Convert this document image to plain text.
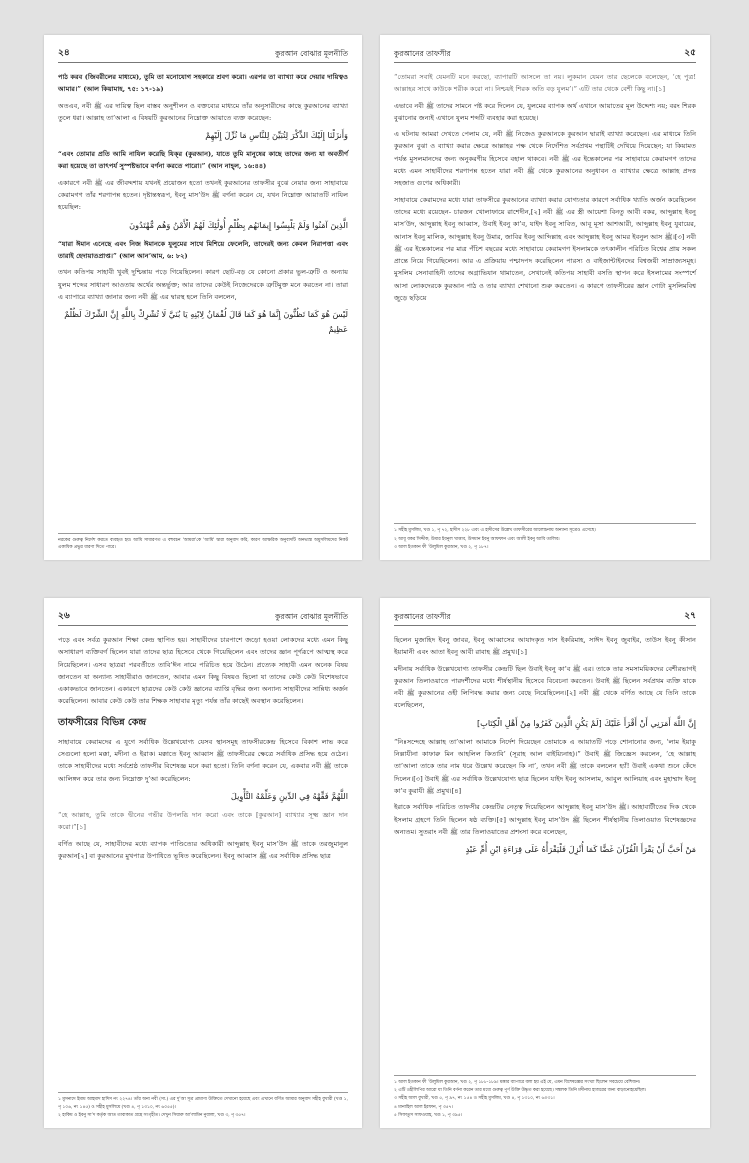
২৪	কুরআন বোঝার মূলনীতি

পাঠ করব (জিবরীলের মাধ্যমে), তুমি তা মনোযোগ সহকারে শ্রবণ করো। এরপর তা ব্যাখ্যা করে দেয়ার দায়িত্বও আমার।” (আল কিয়ামাহ, ৭৫: ১৭-১৯)

অতএব, নবী ﷺ এর দায়িত্ব ছিল বাস্তব অনুশীলন ও বক্তব্যের মাধ্যমে তাঁর অনুসারীদের কাছে কুরআনের ব্যাখ্যা তুলে ধরা। আল্লাহ তা’আলা এ বিষয়টি কুরআনের নিম্নোক্ত আয়াতে ব্যক্ত করেছেন:

وَأَنزَلْنَا إِلَيْكَ الذِّكْرَ لِتُبَيِّنَ لِلنَّاسِ مَا نُزِّلَ إِلَيْهِمْ

“এবং তোমার প্রতি আমি নাযিল করেছি যিক্‌র (কুরআন), যাতে তুমি মানুষের কাছে তাদের জন্য যা অবতীর্ণ করা হয়েছে তা তাৎপর্য সুস্পষ্টভাবে বর্ণনা করতে পারো।” (আন নাহ্‌ল, ১৬:৪৪)

একারণে নবী ﷺ এর জীবদ্দশায় যখনই প্রয়োজন হতো তখনই কুরআনের তাফসীর বুঝে নেয়ার জন্য সাহাবায়ে কেরামগণ তাঁর শরণাপন্ন হতেন। দৃষ্টান্তস্বরূপ, ইবনু মাস’উদ ﷺ বর্ণনা করেন যে, যখন নিম্নোক্ত আয়াতটি নাযিল হয়েছিল:

الَّذِينَ آمَنُوا وَلَمْ يَلْبِسُوا إِيمَانَهُم بِظُلْمٍ أُولَٰئِكَ لَهُمُ الْأَمْنُ وَهُم مُّهْتَدُونَ

“যারা ঈমান এনেছে এবং নিজ ঈমানকে যুলুমের সাথে মিশিয়ে ফেলেনি, তাদেরই জন্য কেবল নিরাপত্তা এবং তারাই হেদায়াতপ্রাপ্ত।” (আল আন’আম, ৬: ৮২)

তখন কতিপয় সাহাবী খুবই দুশ্চিন্তায় পড়ে গিয়েছিলেন। কারণ ছোট-বড় যে কোনো প্রকার ভুল-ত্রুটি ও অন্যায় যুলম শব্দের সাধারণ আওতায় অর্থের অন্তর্ভুক্ত; আর তাদের কেউই নিজেদেরকে ত্রুটিমুক্ত মনে করতেন না। তারা এ ব্যাপারে ব্যাখ্যা জানার জন্য নবী ﷺ এর দ্বারস্থ হলে তিনি বললেন,

لَيْسَ هُوَ كَمَا تَظُنُّونَ إِنَّمَا هُوَ كَمَا قَالَ لُقْمَانُ لِابْنِهِ يَا بُنَيَّ لَا تُشْرِكْ بِاللَّهِ إِنَّ الشِّرْكَ لَظُلْمٌ عَظِيمٌ

নরকের গুরুত্ব নির্দেশ করতে ব্যবহৃত হয়। আমি সাধারণত এ বহুবচন 'আমরা'কে 'আমি' দ্বারা অনুবাদ করি, কারণ আক্ষরিক অনুবাদটি অনভ্যস্ত অমুসলিমদের নিকট একাধিক প্রভুর ধারণা দিতে পারে।

কুরআনের তাফসীর	২৫

“তোমরা সবাই যেমনটি মনে করছো, ব্যাপারটি আসলে তা নয়। লুকমান যেমন তার ছেলেকে বলেছেন, ‘হে পুত্র! আল্লাহর সাথে কাউকে শরীক করো না। নিশ্চয়ই শিরক অতি বড় যুলম’।” এটি তার থেকে বেশী কিছু না।[১]

এভাবে নবী ﷺ তাদের সামনে পষ্ট করে দিলেন যে, যুলমের ব্যাপক অর্থ এখানে আয়াতের মূল উদ্দেশ্য নয়; বরং শিরক বুঝানোর জন্যই এখানে যুলম শব্দটি ব্যবহার করা হয়েছে।

এ ঘটনায় আমরা দেখতে পেলাম যে, নবী ﷺ নিজেও কুরআনকে কুরআন দ্বারাই ব্যাখ্যা করেছেন। এর মাধ্যমে তিনি কুরআন বুঝা ও ব্যাখ্যা করার ক্ষেত্রে আল্লাহর পক্ষ থেকে নির্দেশিত সর্বপ্রথম পন্থাটিই দেখিয়ে দিয়েছেন; যা কিয়ামত পর্যন্ত মুসলমানদের জন্য অনুকরণীয় হিসেবে বহাল থাকবে। নবী ﷺ এর ইন্তেকালের পর সাহাবায়ে কেরামগণ তাদের মধ্যে এমন সাহাবীদের শরণাপন্ন হতেন যারা নবী ﷺ থেকে কুরআনের অনুধাবন ও ব্যাখ্যার ক্ষেত্রে আল্লাহ প্রদত্ত সহজাত গুণের অধিকারী।

সাহাবায়ে কেরামদের মধ্যে যারা তাফসীরে কুরআনের ব্যাখ্যা করার যোগ্যতার কারণে সর্বাধিক খ্যাতি অর্জন করেছিলেন তাদের মধ্যে রয়েছেন- চারজন খোলাফায়ে রাশেদীন,[২] নবী ﷺ এর স্ত্রী আয়েশা বিনতু আবী বকর, আব্দুল্লাহ ইবনু মাস’উদ, আব্দুল্লাহ ইবনু আব্বাস, উবাই ইবনু কা’ব, যাইদ ইবনু সাবিত, আবূ মূসা আশআরী, আব্দুল্লাহ ইবনু যুবায়ের, আনাস ইবনু মালিক, আব্দুল্লাহ ইবনু উমার, জাবির ইবনু আব্দিল্লাহ এবং আব্দুল্লাহ ইবনু আমর ইবনুল আস ﷺ।[৩] নবী ﷺ এর ইন্তেকালের পর মাত্র পঁচিশ বছরের মধ্যে সাহাবায়ে কেরামগণ ইসলামকে তৎকালীন পরিচিত বিশ্বের প্রায় সকল প্রান্তে নিয়ে গিয়েছিলেন। আর এ প্রক্রিয়ায় পশ্চাদপদ করেছিলেন পারস্য ও বাইজান্টাইনদের বিশ্বজয়ী সাম্রাজ্যসমূহ। মুসলিম সেনাবাহিনী তাদের অগ্রাভিযান থামাতেন, সেখানেই কতিপয় সাহাবী বসতি স্থাপন করে ইসলামের সংস্পর্শে আসা লোকদেরকে কুরআন পাঠ ও তার ব্যাখ্যা শেখানো শুরু করতেন। এ কারণে তাফসীরের জ্ঞান গোটা মুসলিমবিশ্ব জুড়ে ছড়িয়ে

১ সহীহ মুসলিম, খণ্ড ১, পৃ ৭২, হাদীস ২২৮ এবং এ হাদীসের উল্লেখ তাফসীরের আলোচনায় অন্যান্য সূত্রেও এসেছে।

২ আবূ বকর সিদ্দীক, উমার ইবনুল খাত্তাব, উসমান ইবনু আফফান এবং আলী ইবনু আবি তালিব।

৩ আল ইতকান ফী ‘উলুমিল কুরআন, খণ্ড ২, পৃ ১৮৭।

২৬	কুরআন বোঝার মূলনীতি

পড়ে এবং সর্বত্র কুরআন শিক্ষা কেন্দ্র স্থাপিত হয়। সাহাবীদের চারপাশে জড়ো হওয়া লোকদের মধ্যে এমন কিছু অসাধারণ ব্যক্তিবর্গ ছিলেন যারা তাদের ছাত্র হিসেবে থেকে গিয়েছিলেন এবং তাদের জ্ঞান পূর্ণরূপে আত্মস্থ করে নিয়েছিলেন। এসব ছাত্ররা পরবর্তীতে তাবি’ঈন নামে পরিচিত হয়ে উঠেন। প্রত্যেক সাহাবী এমন অনেক বিষয় জানতেন যা অন্যান্য সাহাবীরাও জানতেন, আবার এমন কিছু বিষয়ও ছিলো যা তাদের কেউ কেউ বিশেষভাবে একাকভাবে জানতেন। একারণে ছাত্রদের কেউ কেউ জ্ঞানের ব্যাপ্তি বৃদ্ধির জন্য অন্যান্য সাহাবীদের সান্নিধ্য অর্জন করেছিলেন। আবার কেউ কেউ তার শিক্ষক সাহাবার মৃত্যু পর্যন্ত তাঁর কাছেই অবস্থান করেছিলেন।

তাফসীরের বিভিন্ন কেন্দ্র

সাহাবায়ে কেরামদের এ যুগে সর্বাধিক উল্লেখযোগ্য যেসব স্থানসমূহ তাফসীরকেন্দ্র হিসেবে বিকাশ লাভ করে সেগুলো হলো মক্কা, মদীনা ও ইরাক। মক্কাতে ইবনু আব্বাস ﷺ তাফসীরের ক্ষেত্রে সর্বাধিক প্রসিদ্ধ হয়ে ওঠেন। তাকে সাহাবীদের মধ্যে সর্বশ্রেষ্ঠ তাফসীর বিশেষজ্ঞ মনে করা হতো। তিনি বর্ণনা করেন যে, একবার নবী ﷺ তাকে আলিঙ্গন করে তার জন্য নিম্নোক্ত দু’আ করেছিলেন:

اللَّهُمَّ فَقِّهْهُ فِي الدِّينِ وَعَلِّمْهُ التَّأْوِيلَ

“হে আল্লাহ, তুমি তাকে দ্বীনের গভীর উপলব্ধি দান করো এবং তাকে [কুরআন] ব্যাখ্যার সূক্ষ্ম জ্ঞান দান করো।”[১]

বর্ণিত আছে যে, সাহাবীদের মধ্যে ব্যাপক পাণ্ডিত্যের অধিকারী আব্দুল্লাহ ইবনু মাস’উদ ﷺ তাকে তরজুমানুল কুরআন[২] বা কুরআনের মুখপাত্র উপাধিতে ভূষিত করেছিলেন। ইবনু আব্বাস ﷺ এর সর্বাধিক প্রসিদ্ধ ছাত্র

১ মুসনাদে ইমাম আহমাদ হাদিস নং ২২৭৪। তাঁর অন্য নবী (সা.) এর দু’আ সূত্র প্রামাণ্য উক্তিতে দেখানো হয়েছে এবং এখানে বর্ণিত আমার অনুবাদ সহীহ বুখারী (খণ্ড ১, পৃ ১০৬, নং ১৪৫) ও সহীহ মুসলিমে (খণ্ড ৪, পৃ ১৩১০, নং ৬০৫৫)।

২ হাকিম ও ইবনু সা’দ কর্তৃক আত তাবাকাত গ্রন্থে সংগৃহীত। দেখুন সিয়ারু আ’লামিন নুবালা, খণ্ড ৩, পৃ ৩৫৭।

কুরআনের তাফসীর	২৭

ছিলেন মুজাহিদ ইবনু জাবর, ইবনু আব্বাসের আযাদকৃত দাস ইকরিমাহ, সাঈদ ইবনু জুবাইর, তাউস ইবনু কীসান ইয়ামানী এবং আতা ইবনু আবী রাবাহ ﷺ প্রমুখ।[১]

মদীনায় সর্বাধিক উল্লেখযোগ্য তাফসীর কেন্দ্রটি ছিল উবাই ইবনু কা’ব ﷺ এর। তাকে তার সমসাময়িকদের বেশীরভাগই কুরআন তিলাওয়াতে পারদর্শীদের মধ্যে শীর্ষস্থানীয় হিসেবে বিবেচনা করতেন। উবাই ﷺ ছিলেন সর্বপ্রথম ব্যক্তি যাকে নবী ﷺ কুরআনের ওহী লিপিবদ্ধ করার জন্য বেছে নিয়েছিলেন।[২] নবী ﷺ থেকে বর্ণিত আছে যে তিনি তাকে বলেছিলেন,

إِنَّ اللَّهَ أَمَرَنِي أَنْ أَقْرَأَ عَلَيْكَ [لَمْ يَكُنِ الَّذِينَ كَفَرُوا مِنْ أَهْلِ الْكِتَابِ]

“নিঃসন্দেহে আল্লাহ তা’আলা আমাকে নির্দেশ দিয়েছেন তোমাকে এ আয়াতটি পড়ে শোনানোর জন্য, ‘লাম ইয়াকু নিল্লাযীনা কাফারু মিন আহলিল কিতাবি’ (সূরাহ আল বাইয়্যিনাহ)।” উবাই ﷺ জিজ্ঞেস করলেন, ‘হে আল্লাহ তা’আলা তাকে তার নাম ধরে উল্লেখ করেছেন কি না’, তখন নবী ﷺ তাকে বললেন হ্যাঁ! উবাই একথা শুনে কেঁদে দিলেন।[৩] উবাই ﷺ এর সর্বাধিক উল্লেখযোগ্য ছাত্র ছিলেন যাইদ ইবনু আসলাম, আবুল আলিয়াহ এবং মুহাম্মাদ ইবনু কা’ব কুরাযী ﷺ প্রমুখ।[৪]

ইরাকে সর্বাধিক পরিচিত তাফসীর কেন্দ্রটির নেতৃত্ব দিয়েছিলেন আব্দুল্লাহ ইবনু মাস’উদ ﷺ। আহাবাটীতের দিক থেকে ইসলাম গ্রহণে তিনি ছিলেন ষষ্ঠ ব্যক্তি।[৫] আব্দুল্লাহ ইবনু মাস’উদ ﷺ ছিলেন শীর্ষস্থানীয় তিলাওয়াত বিশেষজ্ঞদের অন্যতম। সুতরাং নবী ﷺ তার তিলাওয়াতের প্রশংসা করে বলেছেন,

مَنْ أَحَبَّ أَنْ يَقْرَأَ الْقُرْآنَ غَضًّا كَمَا أُنْزِلَ فَلْيَقْرَأْهُ عَلَى قِرَاءَةِ ابْنِ أُمِّ عَبْدٍ

১ আল ইতকান ফী ‘উলুমিল কুরআন, খণ্ড ২, পৃ ১৮৮-১৮৯। মক্কার ব্যাপারে বলা হয় এই যে, এমন বিশেষজ্ঞের সংখ্যা ছিলেন সবচেয়ে বেশিজন।

২ এটি ওহীলিপির আরো যা তিনি বর্ণনা করেন তার মধ্যে গুরুত্ব পূর্ণ উক্তি উদ্ধৃত করা হয়েছে। সঙ্কলক তিনি মদীনায় হাজরের জন্য বাড়ানোহয়েছিল।

৩ সহীহ আল বুখারী, খণ্ড ৫, পৃ ৯৭, নং ১৫৪ ও সহীহ মুসলিম, খণ্ড ৪, পৃ ১৩১০, নং ৬০৩১।

৪ মানাহিল আল ইরফান, পৃ ৩৫৭।

৫ সিফাতুস সাফওয়াহ, খণ্ড ১, পৃ ৩৯৫।
